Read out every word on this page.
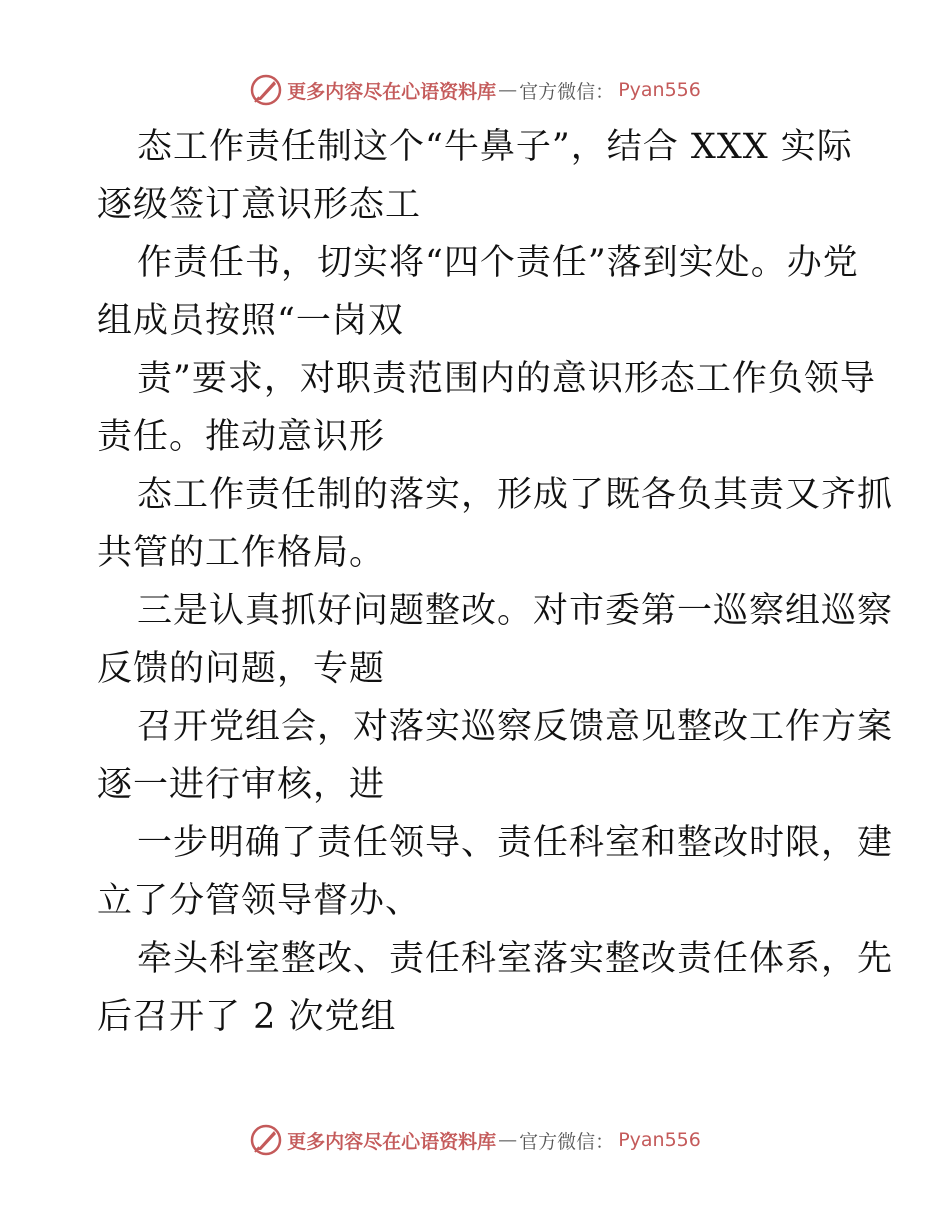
更多内容尽在心语资料库 — 官方微信： Pyan556
态工作责任制这个“牛鼻子”，结合 XXX 实际
逐级签订意识形态工
作责任书，切实将“四个责任”落到实处。办党
组成员按照“一岗双
责”要求，对职责范围内的意识形态工作负领导
责任。推动意识形
态工作责任制的落实，形成了既各负其责又齐抓
共管的工作格局。
三是认真抓好问题整改。对市委第一巡察组巡察
反馈的问题，专题
召开党组会，对落实巡察反馈意见整改工作方案
逐一进行审核，进
一步明确了责任领导、责任科室和整改时限，建
立了分管领导督办、
牵头科室整改、责任科室落实整改责任体系，先
后召开了 2 次党组
更多内容尽在心语资料库 — 官方微信： Pyan556
